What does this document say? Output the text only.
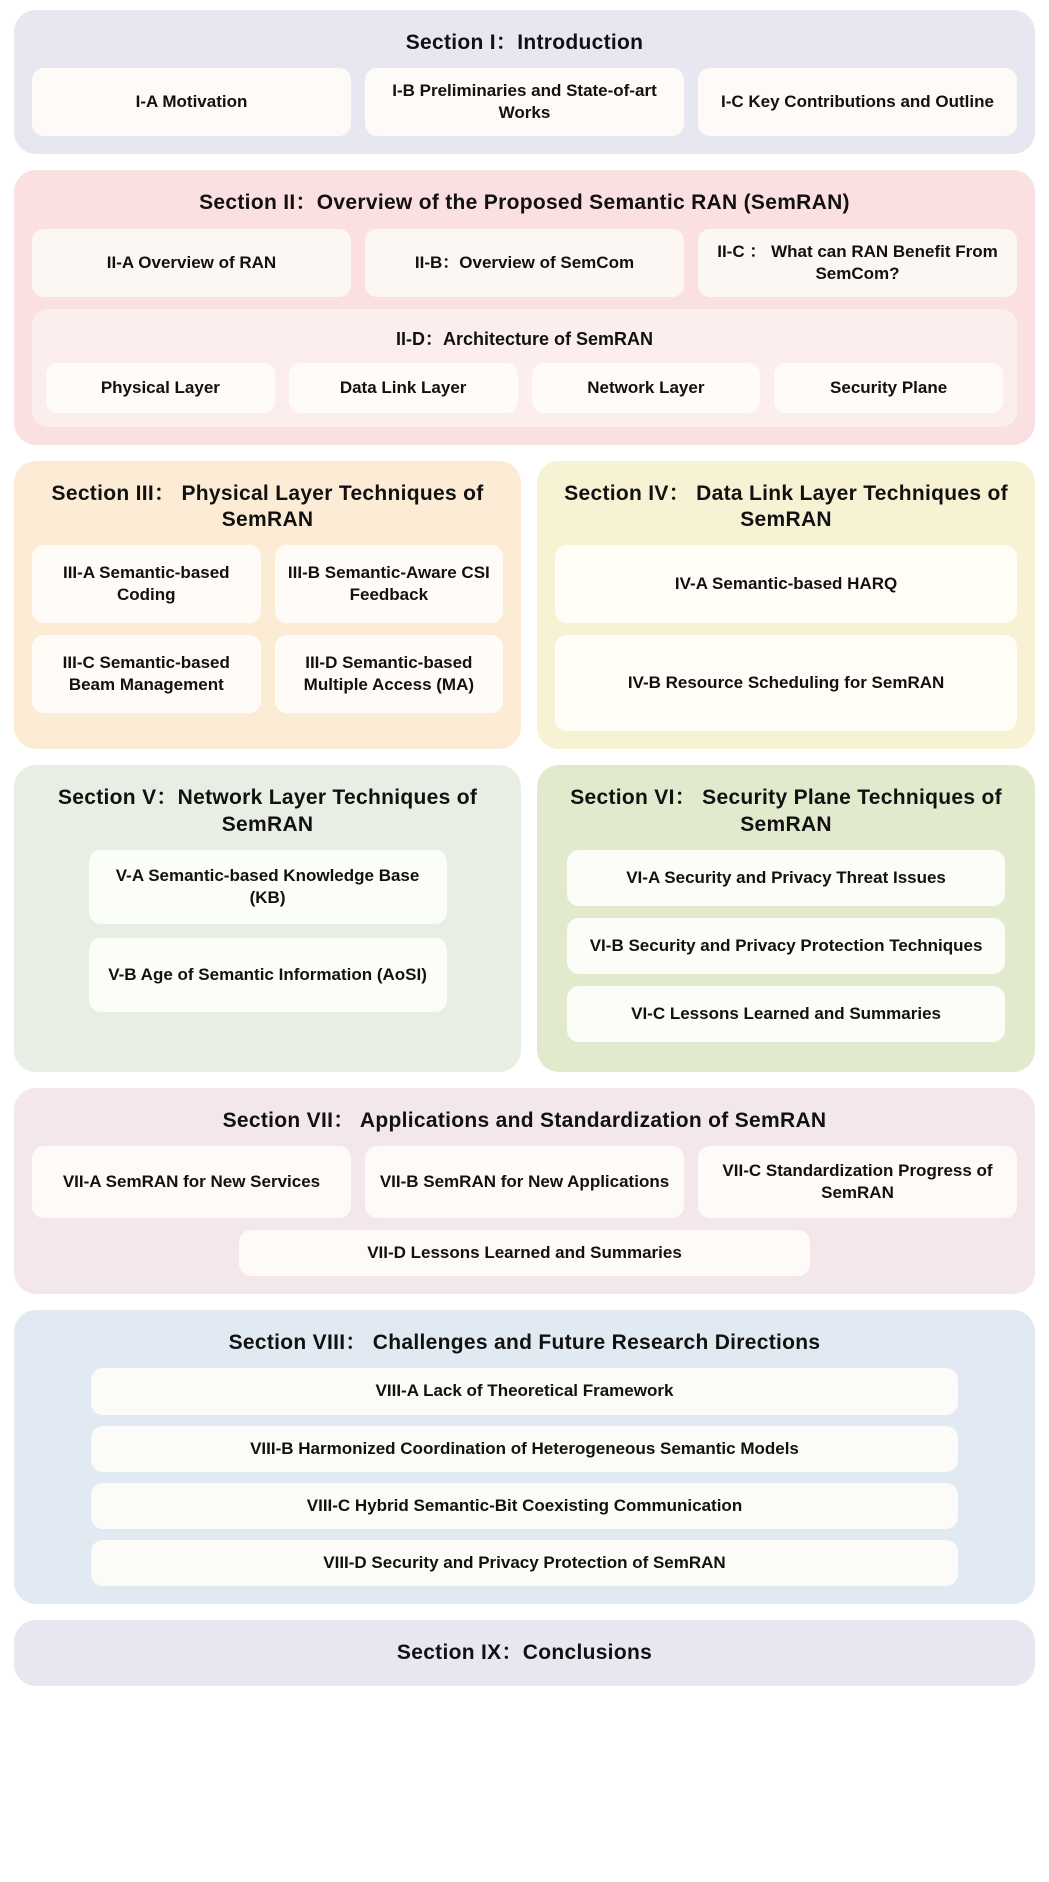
Section I：Introduction
I-A Motivation
I-B Preliminaries and State-of-art Works
I-C Key Contributions and Outline
Section II：Overview of the Proposed Semantic RAN (SemRAN)
II-A Overview of RAN	II-B：Overview of SemCom
II-C ： What can RAN Benefit From SemCom?
II-D：Architecture of SemRAN
Physical Layer	Data Link Layer	Network Layer	Security Plane
Section III： Physical Layer Techniques of SemRAN
III-A Semantic-based Coding
III-B Semantic-Aware CSI Feedback
III-C Semantic-based Beam Management
III-D Semantic-based Multiple Access (MA)
Section IV： Data Link Layer Techniques of SemRAN
IV-A Semantic-based HARQ
IV-B Resource Scheduling for SemRAN
Section V：Network Layer Techniques of SemRAN
V-A Semantic-based Knowledge Base (KB)
V-B Age of Semantic Information (AoSI)
Section VI： Security Plane Techniques of SemRAN
VI-A Security and Privacy Threat Issues
VI-B Security and Privacy Protection Techniques
VI-C Lessons Learned and Summaries
Section VII： Applications and Standardization of SemRAN
VII-A SemRAN for New Services	VII-B SemRAN for New Applications
VII-C Standardization Progress of SemRAN
VII-D Lessons Learned and Summaries
Section VIII： Challenges and Future Research Directions
VIII-A Lack of Theoretical Framework
VIII-B Harmonized Coordination of Heterogeneous Semantic Models
VIII-C Hybrid Semantic-Bit Coexisting Communication
VIII-D Security and Privacy Protection of SemRAN
Section IX：Conclusions
